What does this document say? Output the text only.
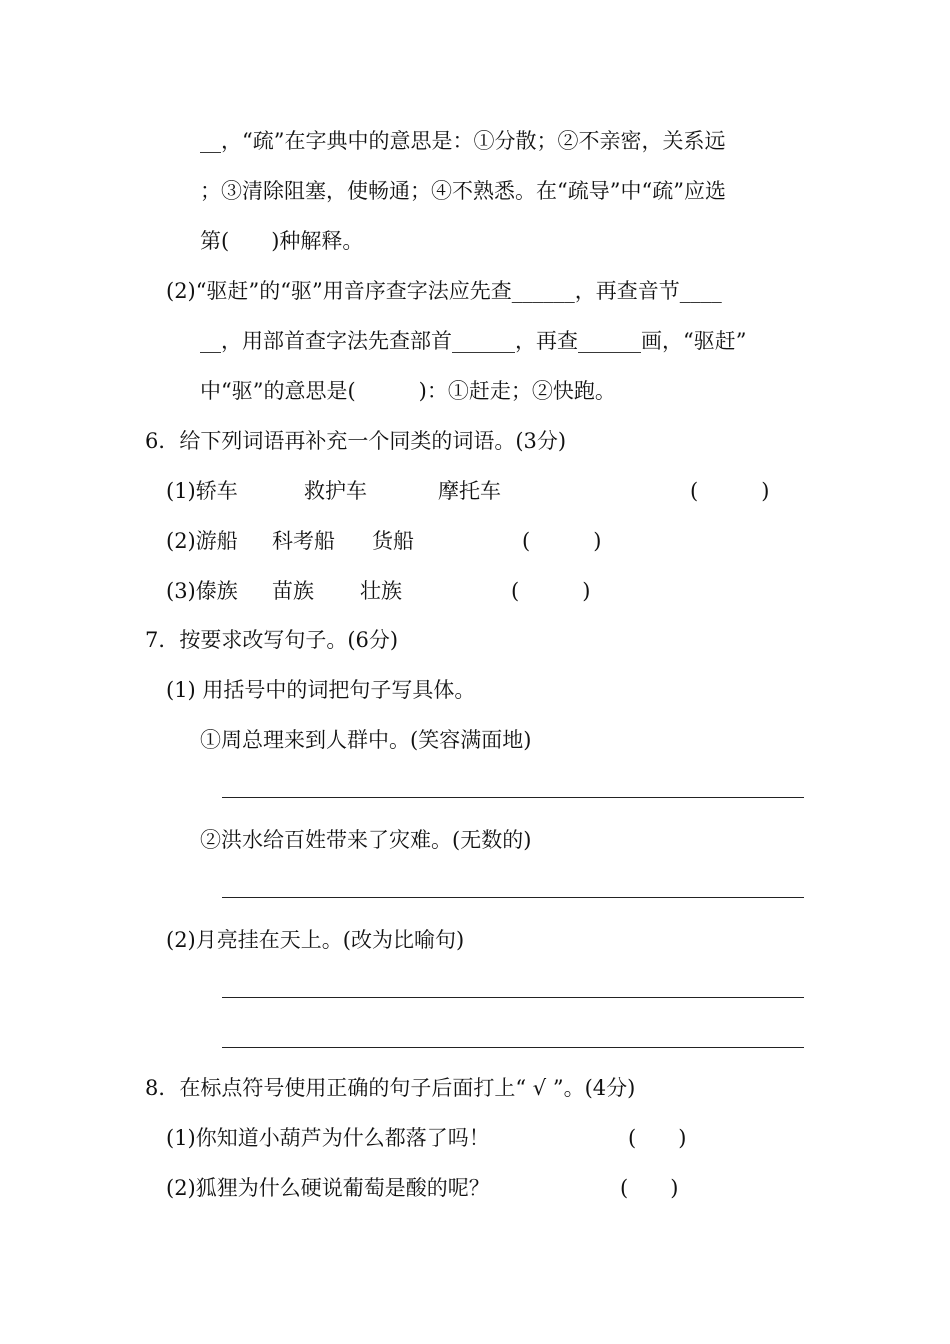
__，“疏”在字典中的意思是：①分散；②不亲密，关系远
；③清除阻塞，使畅通；④不熟悉。在“疏导”中“疏”应选
第(　　)种解释。
(2)“驱赶”的“驱”用音序查字法应先查______，再查音节____
__，用部首查字法先查部首______，再查______画，“驱赶”
中“驱”的意思是(　　　)：①赶走；②快跑。
6．给下列词语再补充一个同类的词语。(3分)
(1)轿车	救护车	摩托车	(　　　)
(2)游船 科考船 货船	(　　　)
(3)傣族 苗族 壮族	(　　　)
7．按要求改写句子。(6分)
(1) 用括号中的词把句子写具体。
①周总理来到人群中。(笑容满面地)
②洪水给百姓带来了灾难。(无数的)
(2)月亮挂在天上。(改为比喻句)
8．在标点符号使用正确的句子后面打上“ √ ”。(4分)
(1)你知道小葫芦为什么都落了吗！	(　　)
(2)狐狸为什么硬说葡萄是酸的呢？	(　　)
